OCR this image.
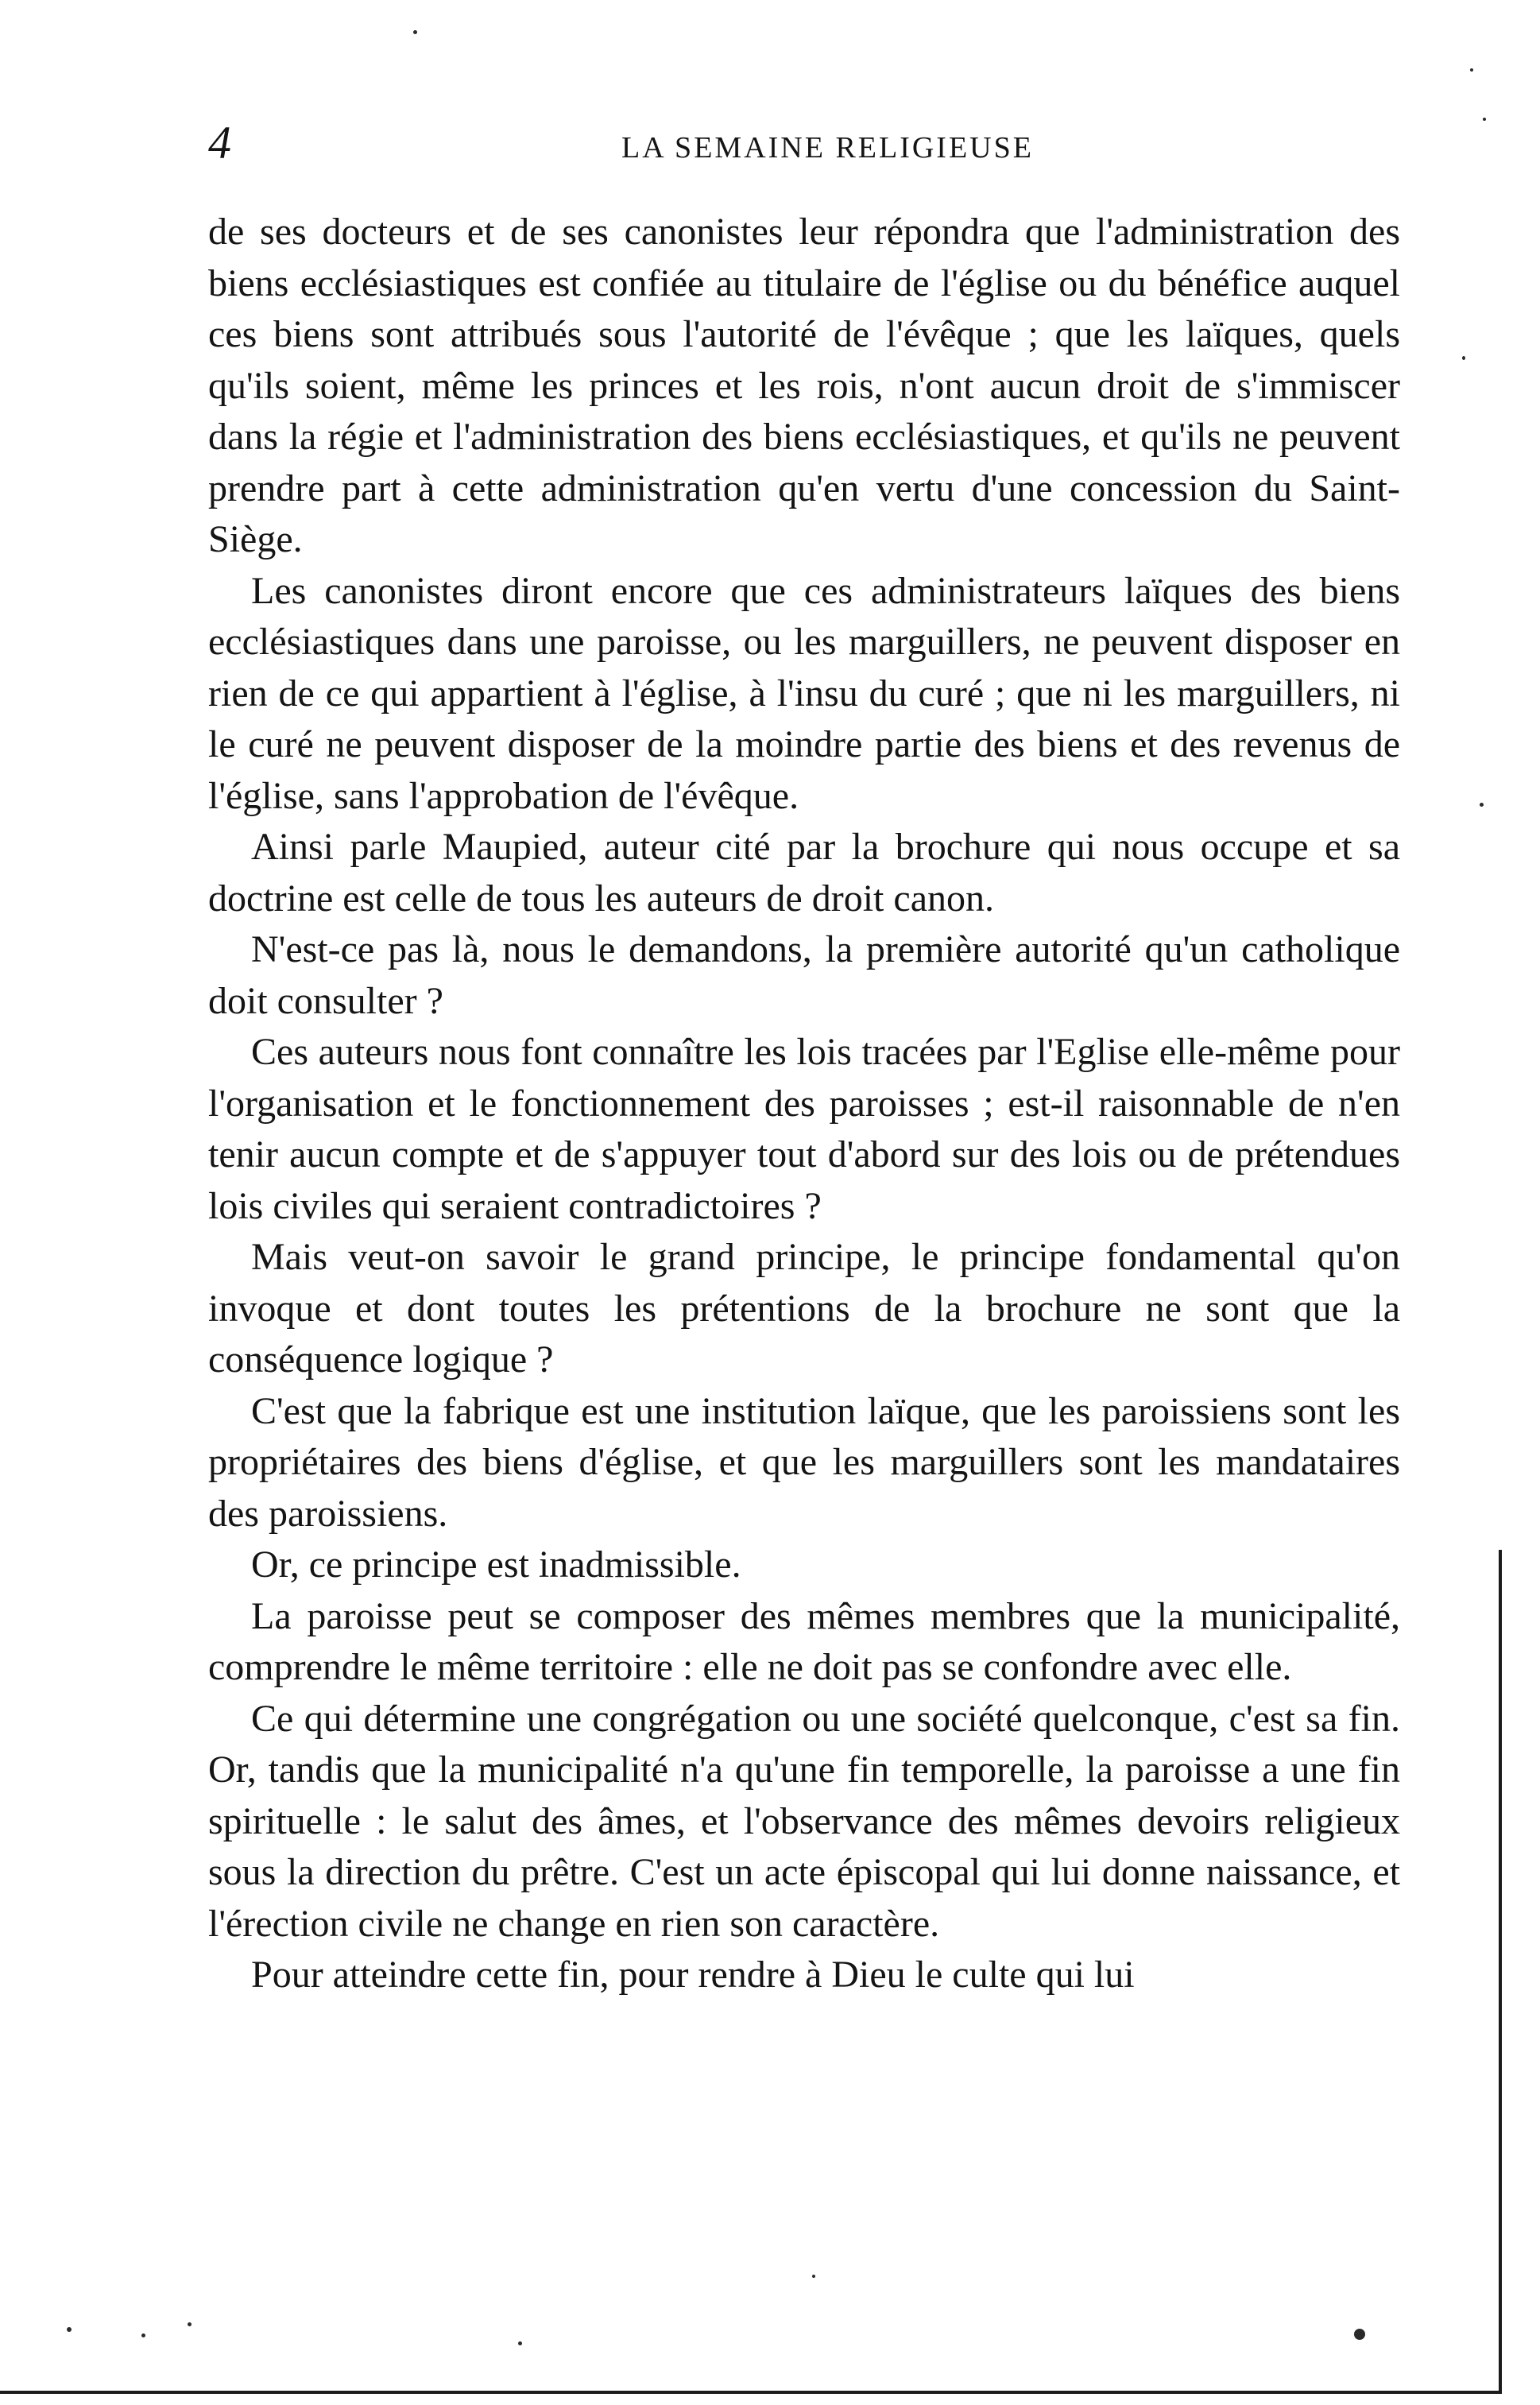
4	LA SEMAINE RELIGIEUSE

de ses docteurs et de ses canonistes leur répondra que l'administration des biens ecclésiastiques est confiée au titulaire de l'église ou du bénéfice auquel ces biens sont attribués sous l'autorité de l'évêque ; que les laïques, quels qu'ils soient, même les princes et les rois, n'ont aucun droit de s'immiscer dans la régie et l'administration des biens ecclésiastiques, et qu'ils ne peuvent prendre part à cette administration qu'en vertu d'une concession du Saint-Siège.

Les canonistes diront encore que ces administrateurs laïques des biens ecclésiastiques dans une paroisse, ou les marguillers, ne peuvent disposer en rien de ce qui appartient à l'église, à l'insu du curé ; que ni les marguillers, ni le curé ne peuvent disposer de la moindre partie des biens et des revenus de l'église, sans l'approbation de l'évêque.

Ainsi parle Maupied, auteur cité par la brochure qui nous occupe et sa doctrine est celle de tous les auteurs de droit canon.

N'est-ce pas là, nous le demandons, la première autorité qu'un catholique doit consulter ?

Ces auteurs nous font connaître les lois tracées par l'Eglise elle-même pour l'organisation et le fonctionnement des paroisses ; est-il raisonnable de n'en tenir aucun compte et de s'appuyer tout d'abord sur des lois ou de prétendues lois civiles qui seraient contradictoires ?

Mais veut-on savoir le grand principe, le principe fondamental qu'on invoque et dont toutes les prétentions de la brochure ne sont que la conséquence logique ?

C'est que la fabrique est une institution laïque, que les paroissiens sont les propriétaires des biens d'église, et que les marguillers sont les mandataires des paroissiens.

Or, ce principe est inadmissible.

La paroisse peut se composer des mêmes membres que la municipalité, comprendre le même territoire : elle ne doit pas se confondre avec elle.

Ce qui détermine une congrégation ou une société quelconque, c'est sa fin. Or, tandis que la municipalité n'a qu'une fin temporelle, la paroisse a une fin spirituelle : le salut des âmes, et l'observance des mêmes devoirs religieux sous la direction du prêtre. C'est un acte épiscopal qui lui donne naissance, et l'érection civile ne change en rien son caractère.

Pour atteindre cette fin, pour rendre à Dieu le culte qui lui
